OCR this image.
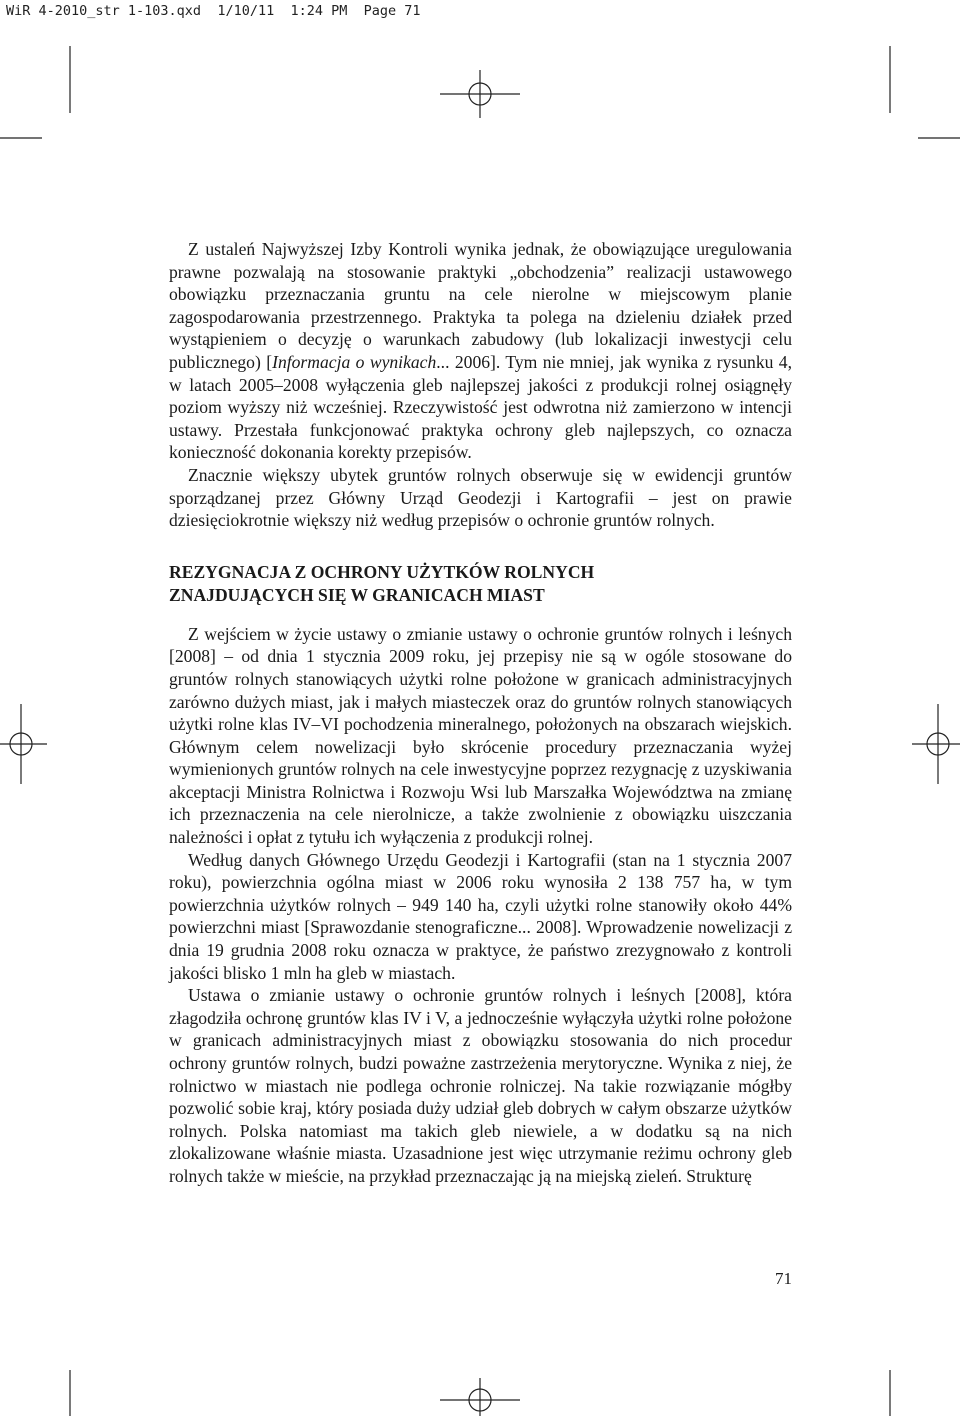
WiR 4-2010_str 1-103.qxd  1/10/11  1:24 PM  Page 71

Z ustaleń Najwyższej Izby Kontroli wynika jednak, że obowiązujące uregulowania prawne pozwalają na stosowanie praktyki „obchodzenia” realizacji ustawowego obowiązku przeznaczania gruntu na cele nierolne w miejscowym planie zagospodarowania przestrzennego. Praktyka ta polega na dzieleniu działek przed wystąpieniem o decyzję o warunkach zabudowy (lub lokalizacji inwestycji celu publicznego) [Informacja o wynikach... 2006]. Tym nie mniej, jak wynika z rysunku 4, w latach 2005–2008 wyłączenia gleb najlepszej jakości z produkcji rolnej osiągnęły poziom wyższy niż wcześniej. Rzeczywistość jest odwrotna niż zamierzono w intencji ustawy. Przestała funkcjonować praktyka ochrony gleb najlepszych, co oznacza konieczność dokonania korekty przepisów.

Znacznie większy ubytek gruntów rolnych obserwuje się w ewidencji gruntów sporządzanej przez Główny Urząd Geodezji i Kartografii – jest on prawie dziesięciokrotnie większy niż według przepisów o ochronie gruntów rolnych.

REZYGNACJA Z OCHRONY UŻYTKÓW ROLNYCH
ZNAJDUJĄCYCH SIĘ W GRANICACH MIAST

Z wejściem w życie ustawy o zmianie ustawy o ochronie gruntów rolnych i leśnych [2008] – od dnia 1 stycznia 2009 roku, jej przepisy nie są w ogóle stosowane do gruntów rolnych stanowiących użytki rolne położone w granicach administracyjnych zarówno dużych miast, jak i małych miasteczek oraz do gruntów rolnych stanowiących użytki rolne klas IV–VI pochodzenia mineralnego, położonych na obszarach wiejskich. Głównym celem nowelizacji było skrócenie procedury przeznaczania wyżej wymienionych gruntów rolnych na cele inwestycyjne poprzez rezygnację z uzyskiwania akceptacji Ministra Rolnictwa i Rozwoju Wsi lub Marszałka Województwa na zmianę ich przeznaczenia na cele nierolnicze, a także zwolnienie z obowiązku uiszczania należności i opłat z tytułu ich wyłączenia z produkcji rolnej.

Według danych Głównego Urzędu Geodezji i Kartografii (stan na 1 stycznia 2007 roku), powierzchnia ogólna miast w 2006 roku wynosiła 2 138 757 ha, w tym powierzchnia użytków rolnych – 949 140 ha, czyli użytki rolne stanowiły około 44% powierzchni miast [Sprawozdanie stenograficzne... 2008]. Wprowadzenie nowelizacji z dnia 19 grudnia 2008 roku oznacza w praktyce, że państwo zrezygnowało z kontroli jakości blisko 1 mln ha gleb w miastach.

Ustawa o zmianie ustawy o ochronie gruntów rolnych i leśnych [2008], która złagodziła ochronę gruntów klas IV i V, a jednocześnie wyłączyła użytki rolne położone w granicach administracyjnych miast z obowiązku stosowania do nich procedur ochrony gruntów rolnych, budzi poważne zastrzeżenia merytoryczne. Wynika z niej, że rolnictwo w miastach nie podlega ochronie rolniczej. Na takie rozwiązanie mógłby pozwolić sobie kraj, który posiada duży udział gleb dobrych w całym obszarze użytków rolnych. Polska natomiast ma takich gleb niewiele, a w dodatku są na nich zlokalizowane właśnie miasta. Uzasadnione jest więc utrzymanie reżimu ochrony gleb rolnych także w mieście, na przykład przeznaczając ją na miejską zieleń. Strukturę

71
